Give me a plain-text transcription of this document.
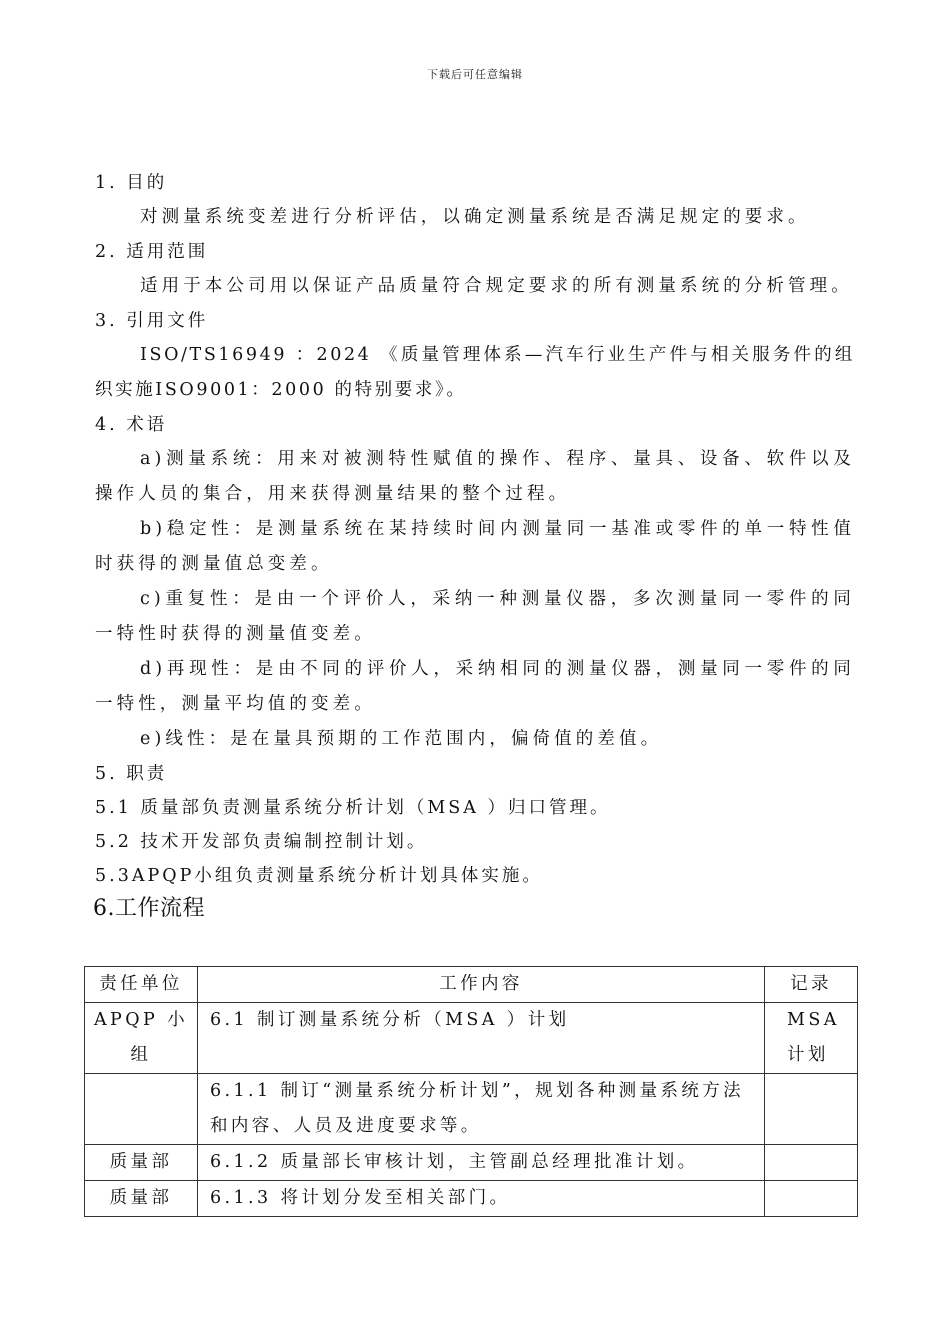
下载后可任意编辑
1. 目的
对测量系统变差进行分析评估，以确定测量系统是否满足规定的要求。
2. 适用范围
适用于本公司用以保证产品质量符合规定要求的所有测量系统的分析管理。
3. 引用文件
ISO/TS16949 ：2024 《质量管理体系—汽车行业生产件与相关服务件的组织实施ISO9001：2000 的特别要求》。
4. 术语
a)测量系统：用来对被测特性赋值的操作、程序、量具、设备、软件以及操作人员的集合，用来获得测量结果的整个过程。
b)稳定性：是测量系统在某持续时间内测量同一基准或零件的单一特性值时获得的测量值总变差。
c)重复性：是由一个评价人，采纳一种测量仪器，多次测量同一零件的同一特性时获得的测量值变差。
d)再现性：是由不同的评价人，采纳相同的测量仪器，测量同一零件的同一特性，测量平均值的变差。
e)线性：是在量具预期的工作范围内，偏倚值的差值。
5. 职责
5.1 质量部负责测量系统分析计划（MSA ）归口管理。
5.2 技术开发部负责编制控制计划。
5.3APQP小组负责测量系统分析计划具体实施。
6.工作流程
责任单位	工作内容	记录
APQP 小组	6.1 制订测量系统分析（MSA ）计划	MSA 计划
	6.1.1 制订“测量系统分析计划”，规划各种测量系统方法和内容、人员及进度要求等。	
质量部	6.1.2 质量部长审核计划，主管副总经理批准计划。	
质量部	6.1.3 将计划分发至相关部门。	
